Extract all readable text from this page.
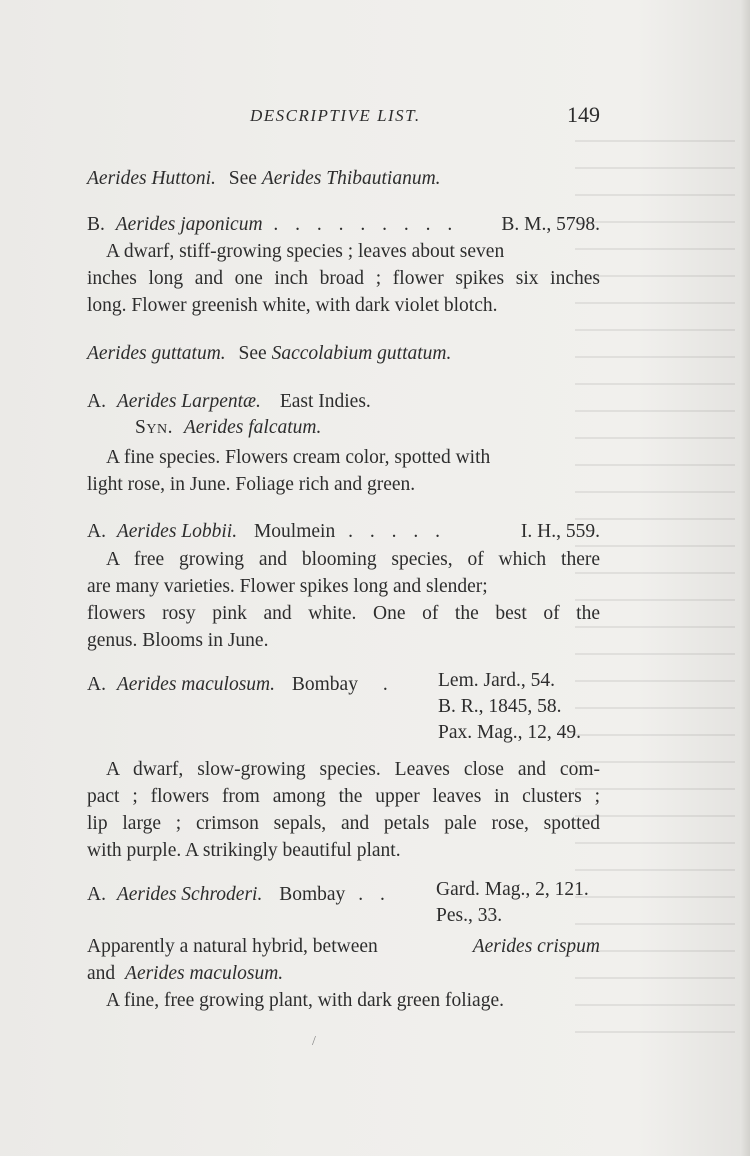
DESCRIPTIVE LIST.	149
Aerides Huttoni. See Aerides Thibautianum.
B. Aerides japonicum . . . . . . . . . B. M., 5798.
A dwarf, stiff-growing species ; leaves about seven
inches long and one inch broad ; flower spikes six inches
long. Flower greenish white, with dark violet blotch.
Aerides guttatum. See Saccolabium guttatum.
A. Aerides Larpentæ. East Indies.
Syn. Aerides falcatum.
A fine species. Flowers cream color, spotted with
light rose, in June. Foliage rich and green.
A. Aerides Lobbii. Moulmein . . . . .	I. H., 559.
A free growing and blooming species, of which there
are many varieties. Flower spikes long and slender;
flowers rosy pink and white. One of the best of the
genus. Blooms in June.
A. Aerides maculosum. Bombay .	Lem. Jard., 54.
B. R., 1845, 58.
Pax. Mag., 12, 49.
A dwarf, slow-growing species. Leaves close and com-
pact ; flowers from among the upper leaves in clusters ;
lip large ; crimson sepals, and petals pale rose, spotted
with purple. A strikingly beautiful plant.
A. Aerides Schroderi. Bombay . . Gard. Mag., 2, 121.
Pes., 33.
Apparently a natural hybrid, between	Aerides crispum
and Aerides maculosum.
A fine, free growing plant, with dark green foliage.
/
